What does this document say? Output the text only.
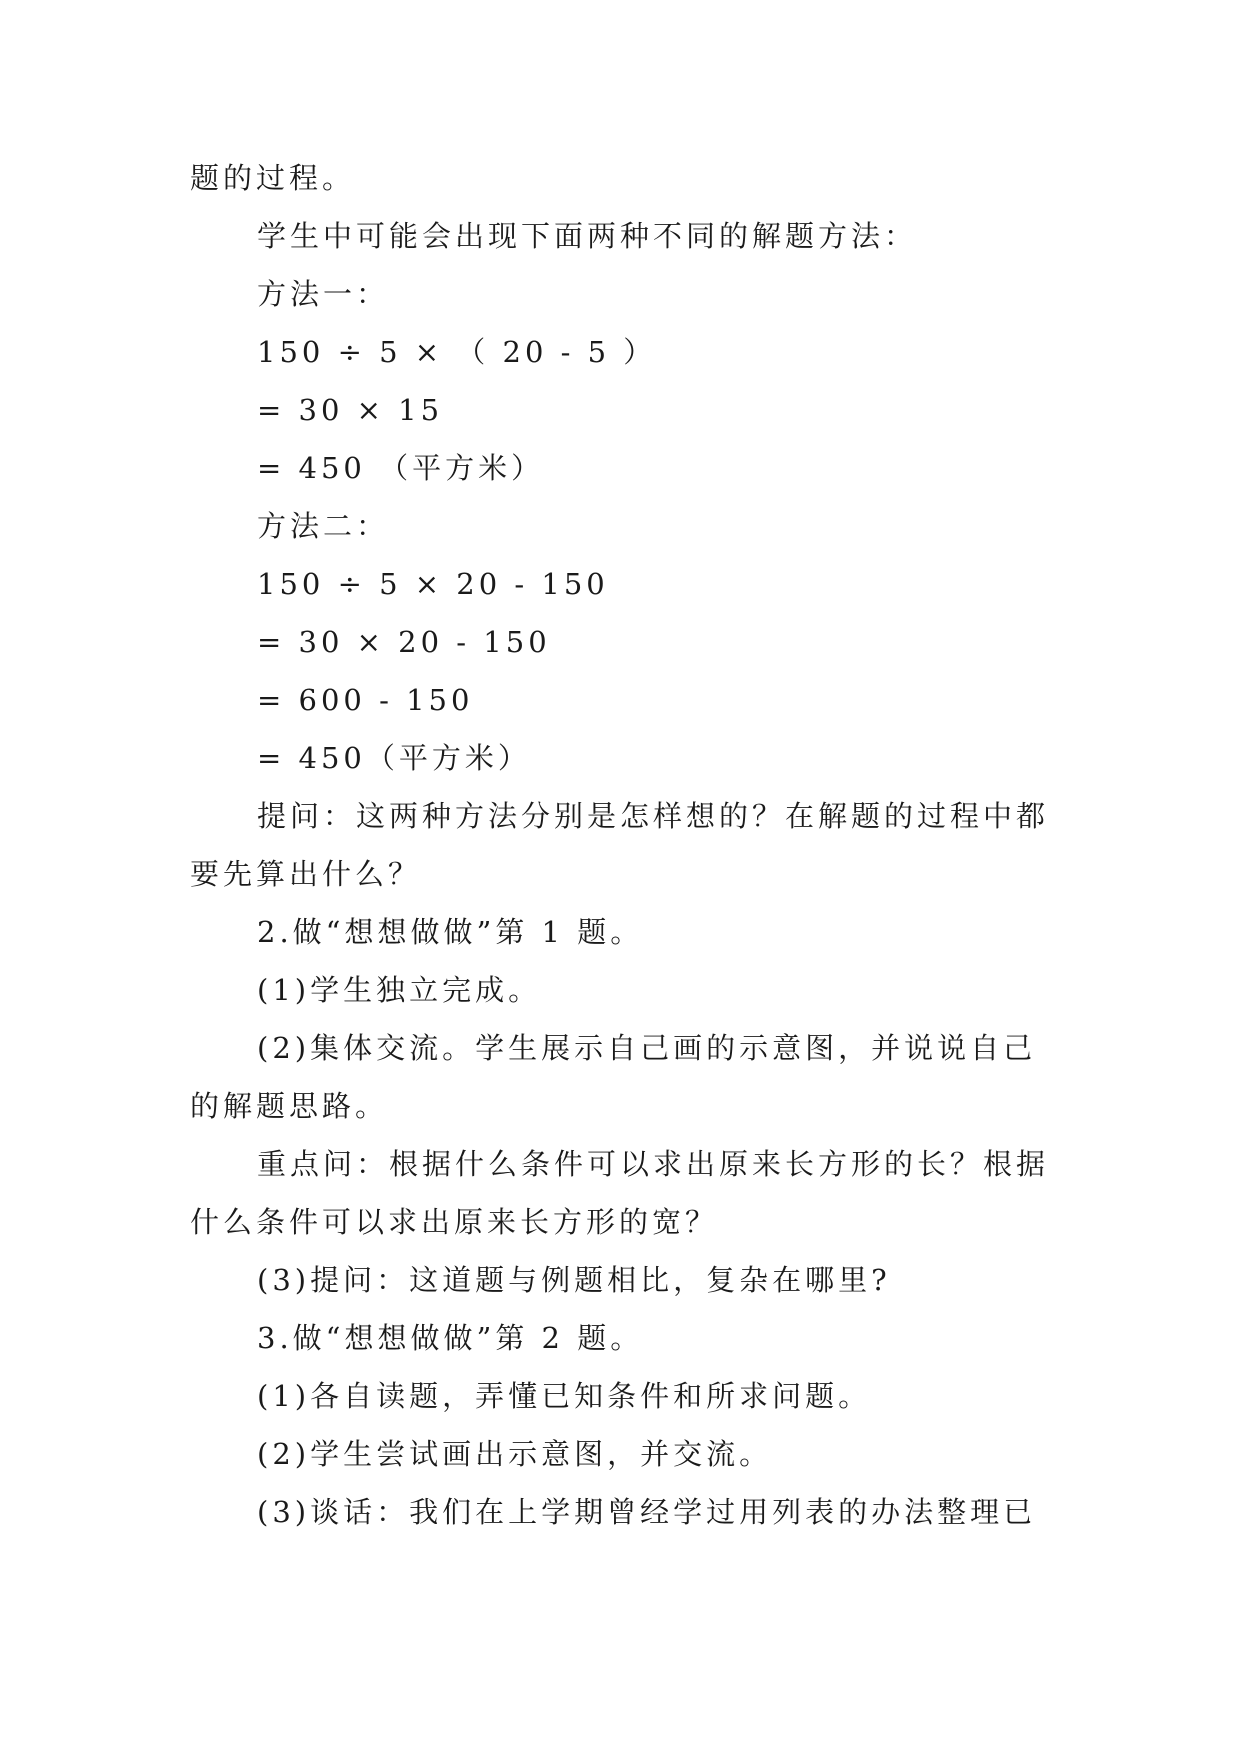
题的过程。

学生中可能会出现下面两种不同的解题方法：

方法一：

150 ÷ 5 × （ 20 - 5 ）

= 30 × 15

= 450 （平方米）

方法二：

150 ÷ 5 × 20 - 150

= 30 × 20 - 150

= 600 - 150

= 450（平方米）

提问：这两种方法分别是怎样想的？在解题的过程中都

要先算出什么？

2.做“想想做做”第 1 题。

(1)学生独立完成。

(2)集体交流。学生展示自己画的示意图，并说说自己

的解题思路。

重点问：根据什么条件可以求出原来长方形的长？根据

什么条件可以求出原来长方形的宽？

(3)提问：这道题与例题相比，复杂在哪里?

3.做“想想做做”第 2 题。

(1)各自读题，弄懂已知条件和所求问题。

(2)学生尝试画出示意图，并交流。

(3)谈话：我们在上学期曾经学过用列表的办法整理已
